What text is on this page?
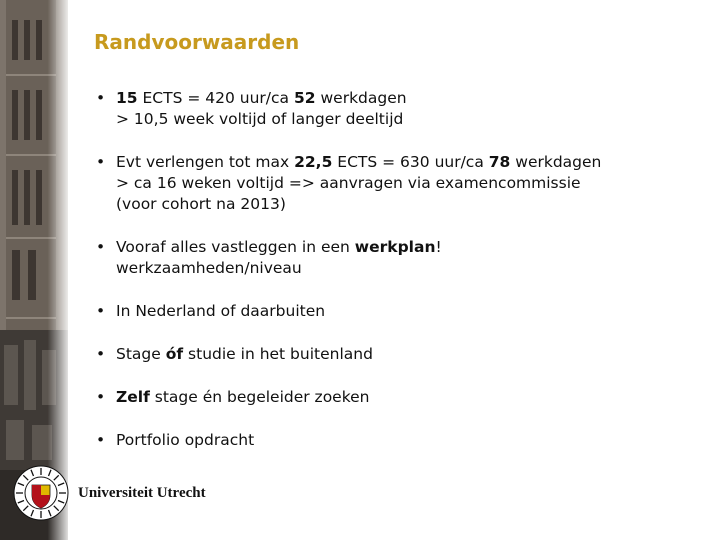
Randvoorwaarden
• 15 ECTS = 420 uur/ca 52 werkdagen
> 10,5 week voltijd of langer deeltijd
• Evt verlengen tot max 22,5 ECTS = 630 uur/ca 78 werkdagen
> ca 16 weken voltijd => aanvragen via examencommissie
(voor cohort na 2013)
• Vooraf alles vastleggen in een werkplan!
werkzaamheden/niveau
• In Nederland of daarbuiten
• Stage óf studie in het buitenland
• Zelf stage én begeleider zoeken
• Portfolio opdracht
Universiteit Utrecht
